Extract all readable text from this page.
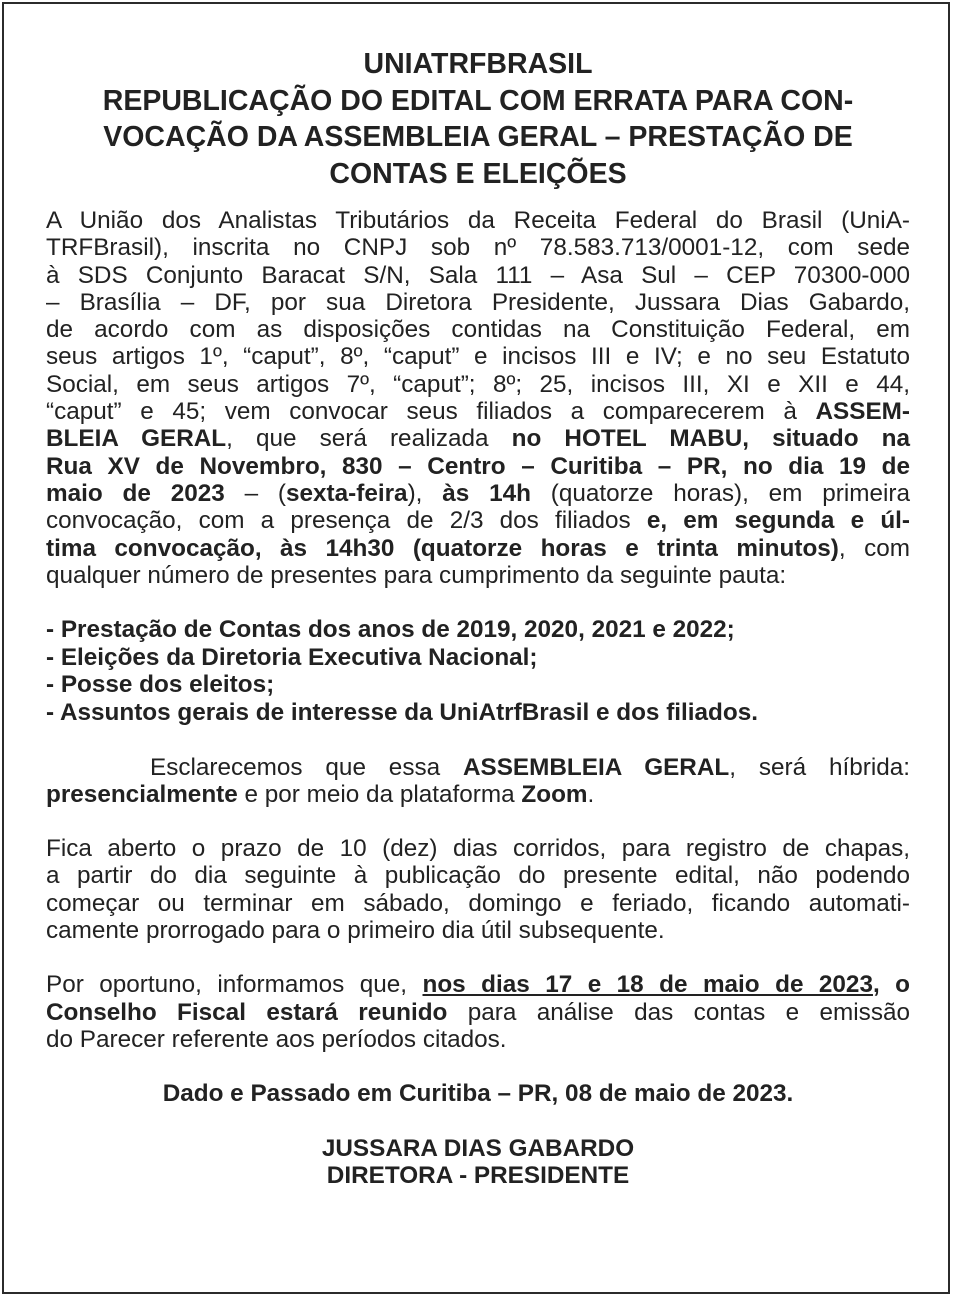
UNIATRFBRASIL
REPUBLICAÇÃO DO EDITAL COM ERRATA PARA CON-
VOCAÇÃO DA ASSEMBLEIA GERAL – PRESTAÇÃO DE
CONTAS E ELEIÇÕES
A União dos Analistas Tributários da Receita Federal do Brasil (UniA-
TRFBrasil), inscrita no CNPJ sob nº 78.583.713/0001-12, com sede
à SDS Conjunto Baracat S/N, Sala 111 – Asa Sul – CEP 70300-000
– Brasília – DF, por sua Diretora Presidente, Jussara Dias Gabardo,
de acordo com as disposições contidas na Constituição Federal, em
seus artigos 1º, “caput”, 8º, “caput” e incisos III e IV; e no seu Estatuto
Social, em seus artigos 7º, “caput”; 8º; 25, incisos III, XI e XII e 44,
“caput” e 45; vem convocar seus filiados a comparecerem à ASSEM-
BLEIA GERAL, que será realizada no HOTEL MABU, situado na
Rua XV de Novembro, 830 – Centro – Curitiba – PR, no dia 19 de
maio de 2023 – (sexta-feira), às 14h (quatorze horas), em primeira
convocação, com a presença de 2/3 dos filiados e, em segunda e úl-
tima convocação, às 14h30 (quatorze horas e trinta minutos), com
qualquer número de presentes para cumprimento da seguinte pauta:
- Prestação de Contas dos anos de 2019, 2020, 2021 e 2022;
- Eleições da Diretoria Executiva Nacional;
- Posse dos eleitos;
- Assuntos gerais de interesse da UniAtrfBrasil e dos filiados.
Esclarecemos que essa ASSEMBLEIA GERAL, será híbrida:
presencialmente e por meio da plataforma Zoom.
Fica aberto o prazo de 10 (dez) dias corridos, para registro de chapas,
a partir do dia seguinte à publicação do presente edital, não podendo
começar ou terminar em sábado, domingo e feriado, ficando automati-
camente prorrogado para o primeiro dia útil subsequente.
Por oportuno, informamos que, nos dias 17 e 18 de maio de 2023, o
Conselho Fiscal estará reunido para análise das contas e emissão
do Parecer referente aos períodos citados.
Dado e Passado em Curitiba – PR, 08 de maio de 2023.
JUSSARA DIAS GABARDO
DIRETORA - PRESIDENTE
